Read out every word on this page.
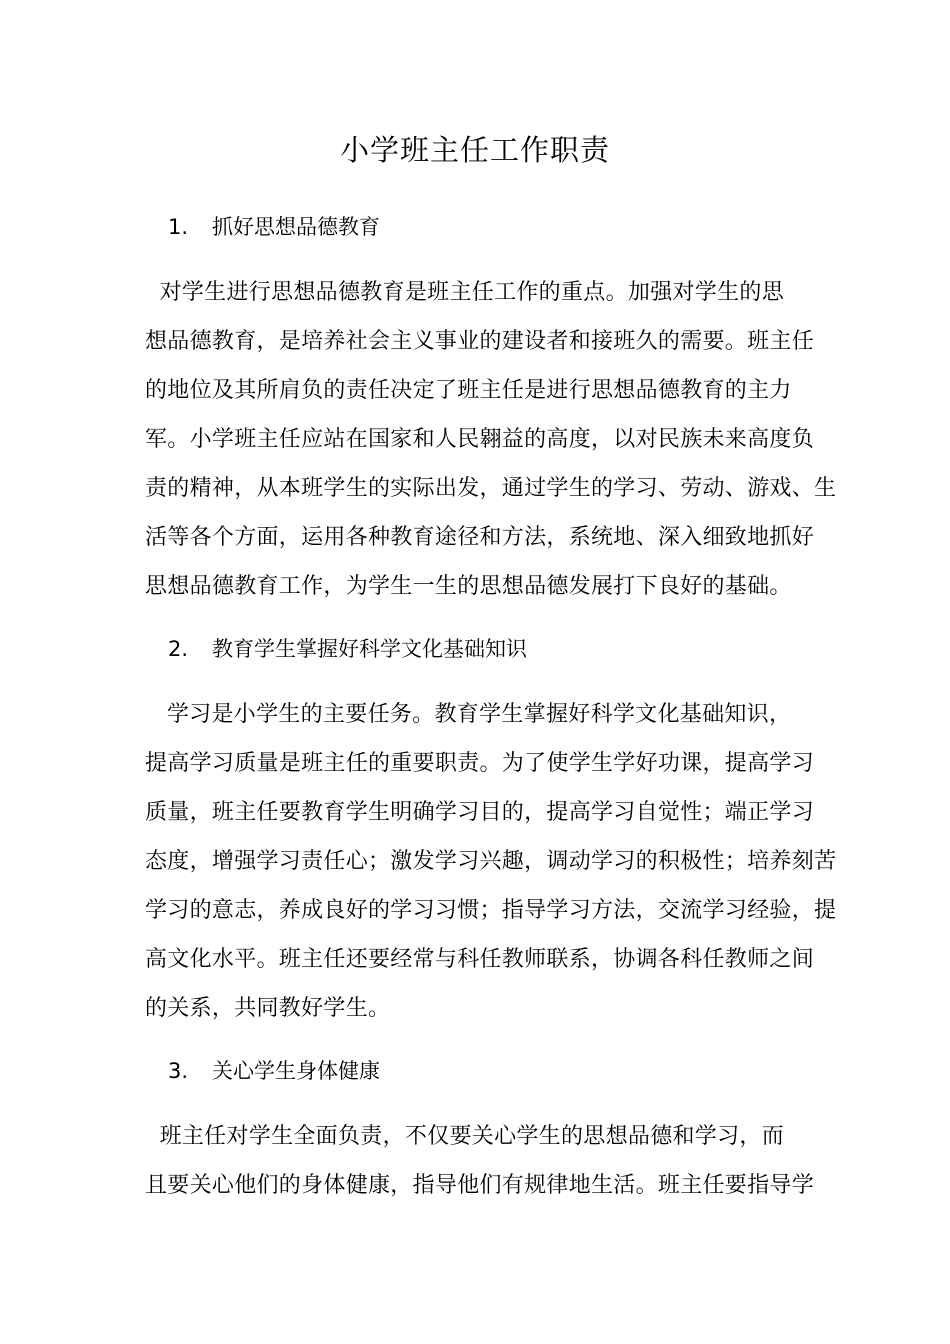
小学班主任工作职责
1. 抓好思想品德教育
对学生进行思想品德教育是班主任工作的重点。加强对学生的思
想品德教育，是培养社会主义事业的建设者和接班久的需要。班主任
的地位及其所肩负的责任决定了班主任是进行思想品德教育的主力
军。小学班主任应站在国家和人民翱益的高度，以对民族未来高度负
责的精神，从本班学生的实际出发，通过学生的学习、劳动、游戏、生
活等各个方面，运用各种教育途径和方法，系统地、深入细致地抓好
思想品德教育工作，为学生一生的思想品德发展打下良好的基础。
2. 教育学生掌握好科学文化基础知识
学习是小学生的主要任务。教育学生掌握好科学文化基础知识，
提高学习质量是班主任的重要职责。为了使学生学好功课，提高学习
质量，班主任要教育学生明确学习目的，提高学习自觉性；端正学习
态度，增强学习责任心；激发学习兴趣，调动学习的积极性；培养刻苦
学习的意志，养成良好的学习习惯；指导学习方法，交流学习经验，提
高文化水平。班主任还要经常与科任教师联系，协调各科任教师之间
的关系，共同教好学生。
3. 关心学生身体健康
班主任对学生全面负责，不仅要关心学生的思想品德和学习，而
且要关心他们的身体健康，指导他们有规律地生活。班主任要指导学
